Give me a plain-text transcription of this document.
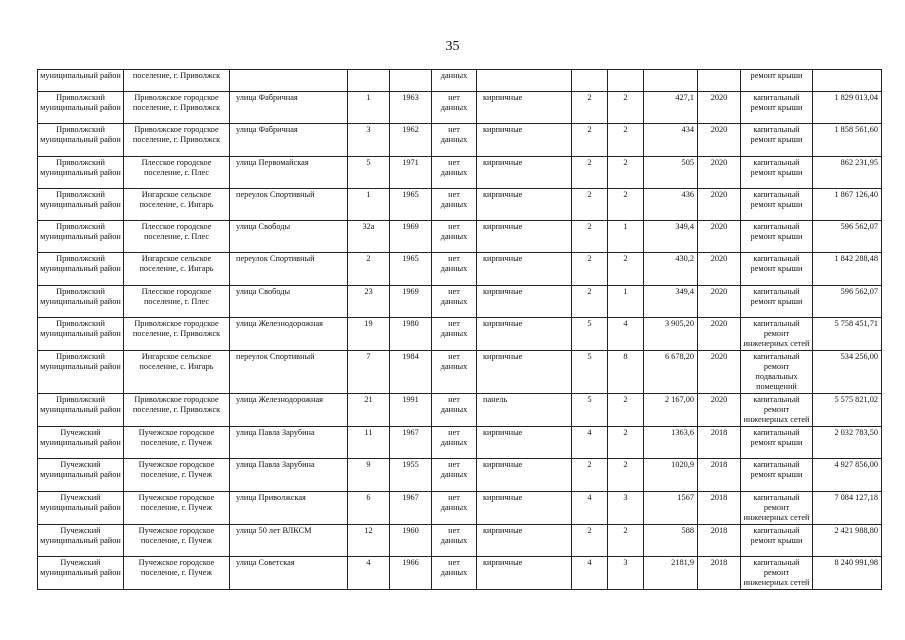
35
муниципальный район	поселение, г. Приволжск				данных						ремонт крыши	
Приволжский муниципальный район	Приволжское городское поселение, г. Приволжск	улица Фабричная	1	1963	нет данных	кирпичные	2	2	427,1	2020	капитальный ремонт крыши	1 829 013,04
Приволжский муниципальный район	Приволжское городское поселение, г. Приволжск	улица Фабричная	3	1962	нет данных	кирпичные	2	2	434	2020	капитальный ремонт крыши	1 858 561,60
Приволжский муниципальный район	Плесское городское поселение, г. Плес	улица Первомайская	5	1971	нет данных	кирпичные	2	2	505	2020	капитальный ремонт крыши	862 231,95
Приволжский муниципальный район	Ингарское сельское поселение, с. Ингарь	переулок Спортивный	1	1965	нет данных	кирпичные	2	2	436	2020	капитальный ремонт крыши	1 867 126,40
Приволжский муниципальный район	Плесское городское поселение, г. Плес	улица Свободы	32а	1969	нет данных	кирпичные	2	1	349,4	2020	капитальный ремонт крыши	596 562,07
Приволжский муниципальный район	Ингарское сельское поселение, с. Ингарь	переулок Спортивный	2	1965	нет данных	кирпичные	2	2	430,2	2020	капитальный ремонт крыши	1 842 288,48
Приволжский муниципальный район	Плесское городское поселение, г. Плес	улица Свободы	23	1969	нет данных	кирпичные	2	1	349,4	2020	капитальный ремонт крыши	596 562,07
Приволжский муниципальный район	Приволжское городское поселение, г. Приволжск	улица Железнодорожная	19	1980	нет данных	кирпичные	5	4	3 905,20	2020	капитальный ремонт инженерных сетей	5 758 451,71
Приволжский муниципальный район	Ингарское сельское поселение, с. Ингарь	переулок Спортивный	7	1984	нет данных	кирпичные	5	8	6 678,20	2020	капитальный ремонт подвальных помещений	534 256,00
Приволжский муниципальный район	Приволжское городское поселение, г. Приволжск	улица Железнодорожная	21	1991	нет данных	панель	5	2	2 167,00	2020	капитальный ремонт инженерных сетей	5 575 821,02
Пучежский муниципальный район	Пучежское городское поселение, г. Пучеж	улица Павла Зарубина	11	1967	нет данных	кирпичные	4	2	1363,6	2018	капитальный ремонт крыши	2 032 783,50
Пучежский муниципальный район	Пучежское городское поселение, г. Пучеж	улица Павла Зарубина	9	1955	нет данных	кирпичные	2	2	1020,9	2018	капитальный ремонт крыши	4 927 856,00
Пучежский муниципальный район	Пучежское городское поселение, г. Пучеж	улица Приволжская	6	1967	нет данных	кирпичные	4	3	1567	2018	капитальный ремонт инженерных сетей	7 084 127,18
Пучежский муниципальный район	Пучежское городское поселение, г. Пучеж	улица 50 лет ВЛКСМ	12	1960	нет данных	кирпичные	2	2	588	2018	капитальный ремонт крыши	2 421 988,80
Пучежский муниципальный район	Пучежское городское поселение, г. Пучеж	улица Советская	4	1966	нет данных	кирпичные	4	3	2181,9	2018	капитальный ремонт инженерных сетей	8 240 991,98
